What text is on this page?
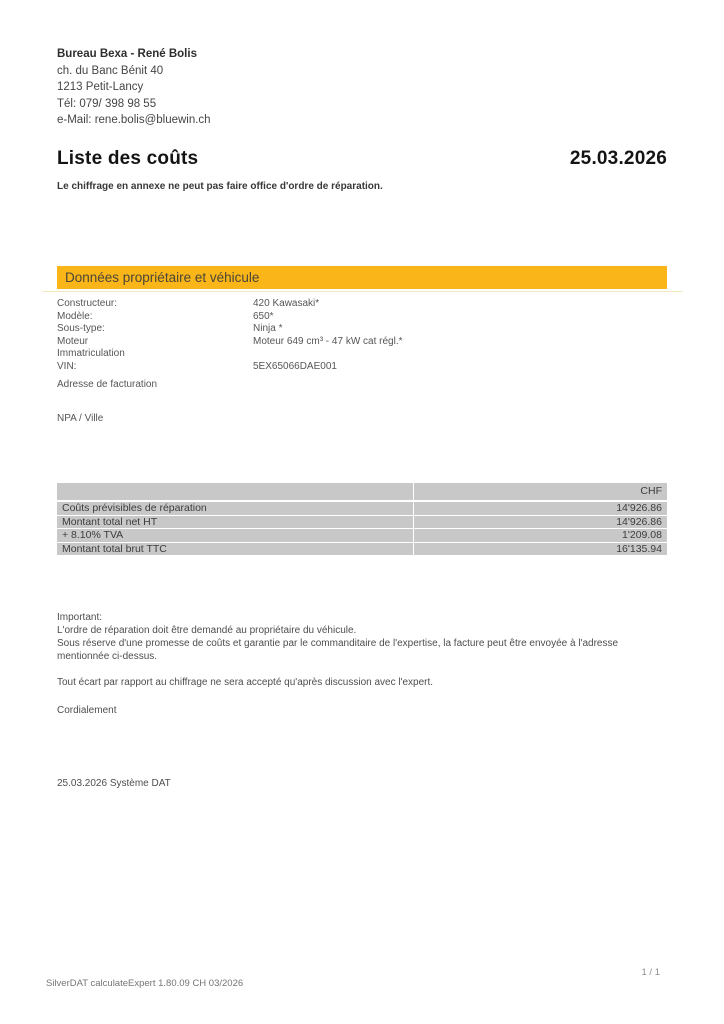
Bureau Bexa - René Bolis
ch. du Banc Bénit 40
1213 Petit-Lancy
Tél: 079/ 398 98 55
e-Mail: rene.bolis@bluewin.ch
Liste des coûts	25.03.2026
Le chiffrage en annexe ne peut pas faire office d'ordre de réparation.
Données propriétaire et véhicule
Constructeur:	420 Kawasaki*
Modèle:	650*
Sous-type:	Ninja *
Moteur	Moteur 649 cm³ - 47 kW cat régl.*
Immatriculation
VIN:	5EX65066DAE001
Adresse de facturation
NPA / Ville
CHF
Coûts prévisibles de réparation	14'926.86
Montant total net HT	14'926.86
+ 8.10% TVA	1'209.08
Montant total brut TTC	16'135.94
Important:
L'ordre de réparation doit être demandé au propriétaire du véhicule.
Sous réserve d'une promesse de coûts et garantie par le commanditaire de l'expertise, la facture peut être envoyée à l'adresse mentionnée ci-dessus.
Tout écart par rapport au chiffrage ne sera accepté qu'après discussion avec l'expert.
Cordialement
25.03.2026 Système DAT
SilverDAT calculateExpert 1.80.09 CH 03/2026
1 / 1
